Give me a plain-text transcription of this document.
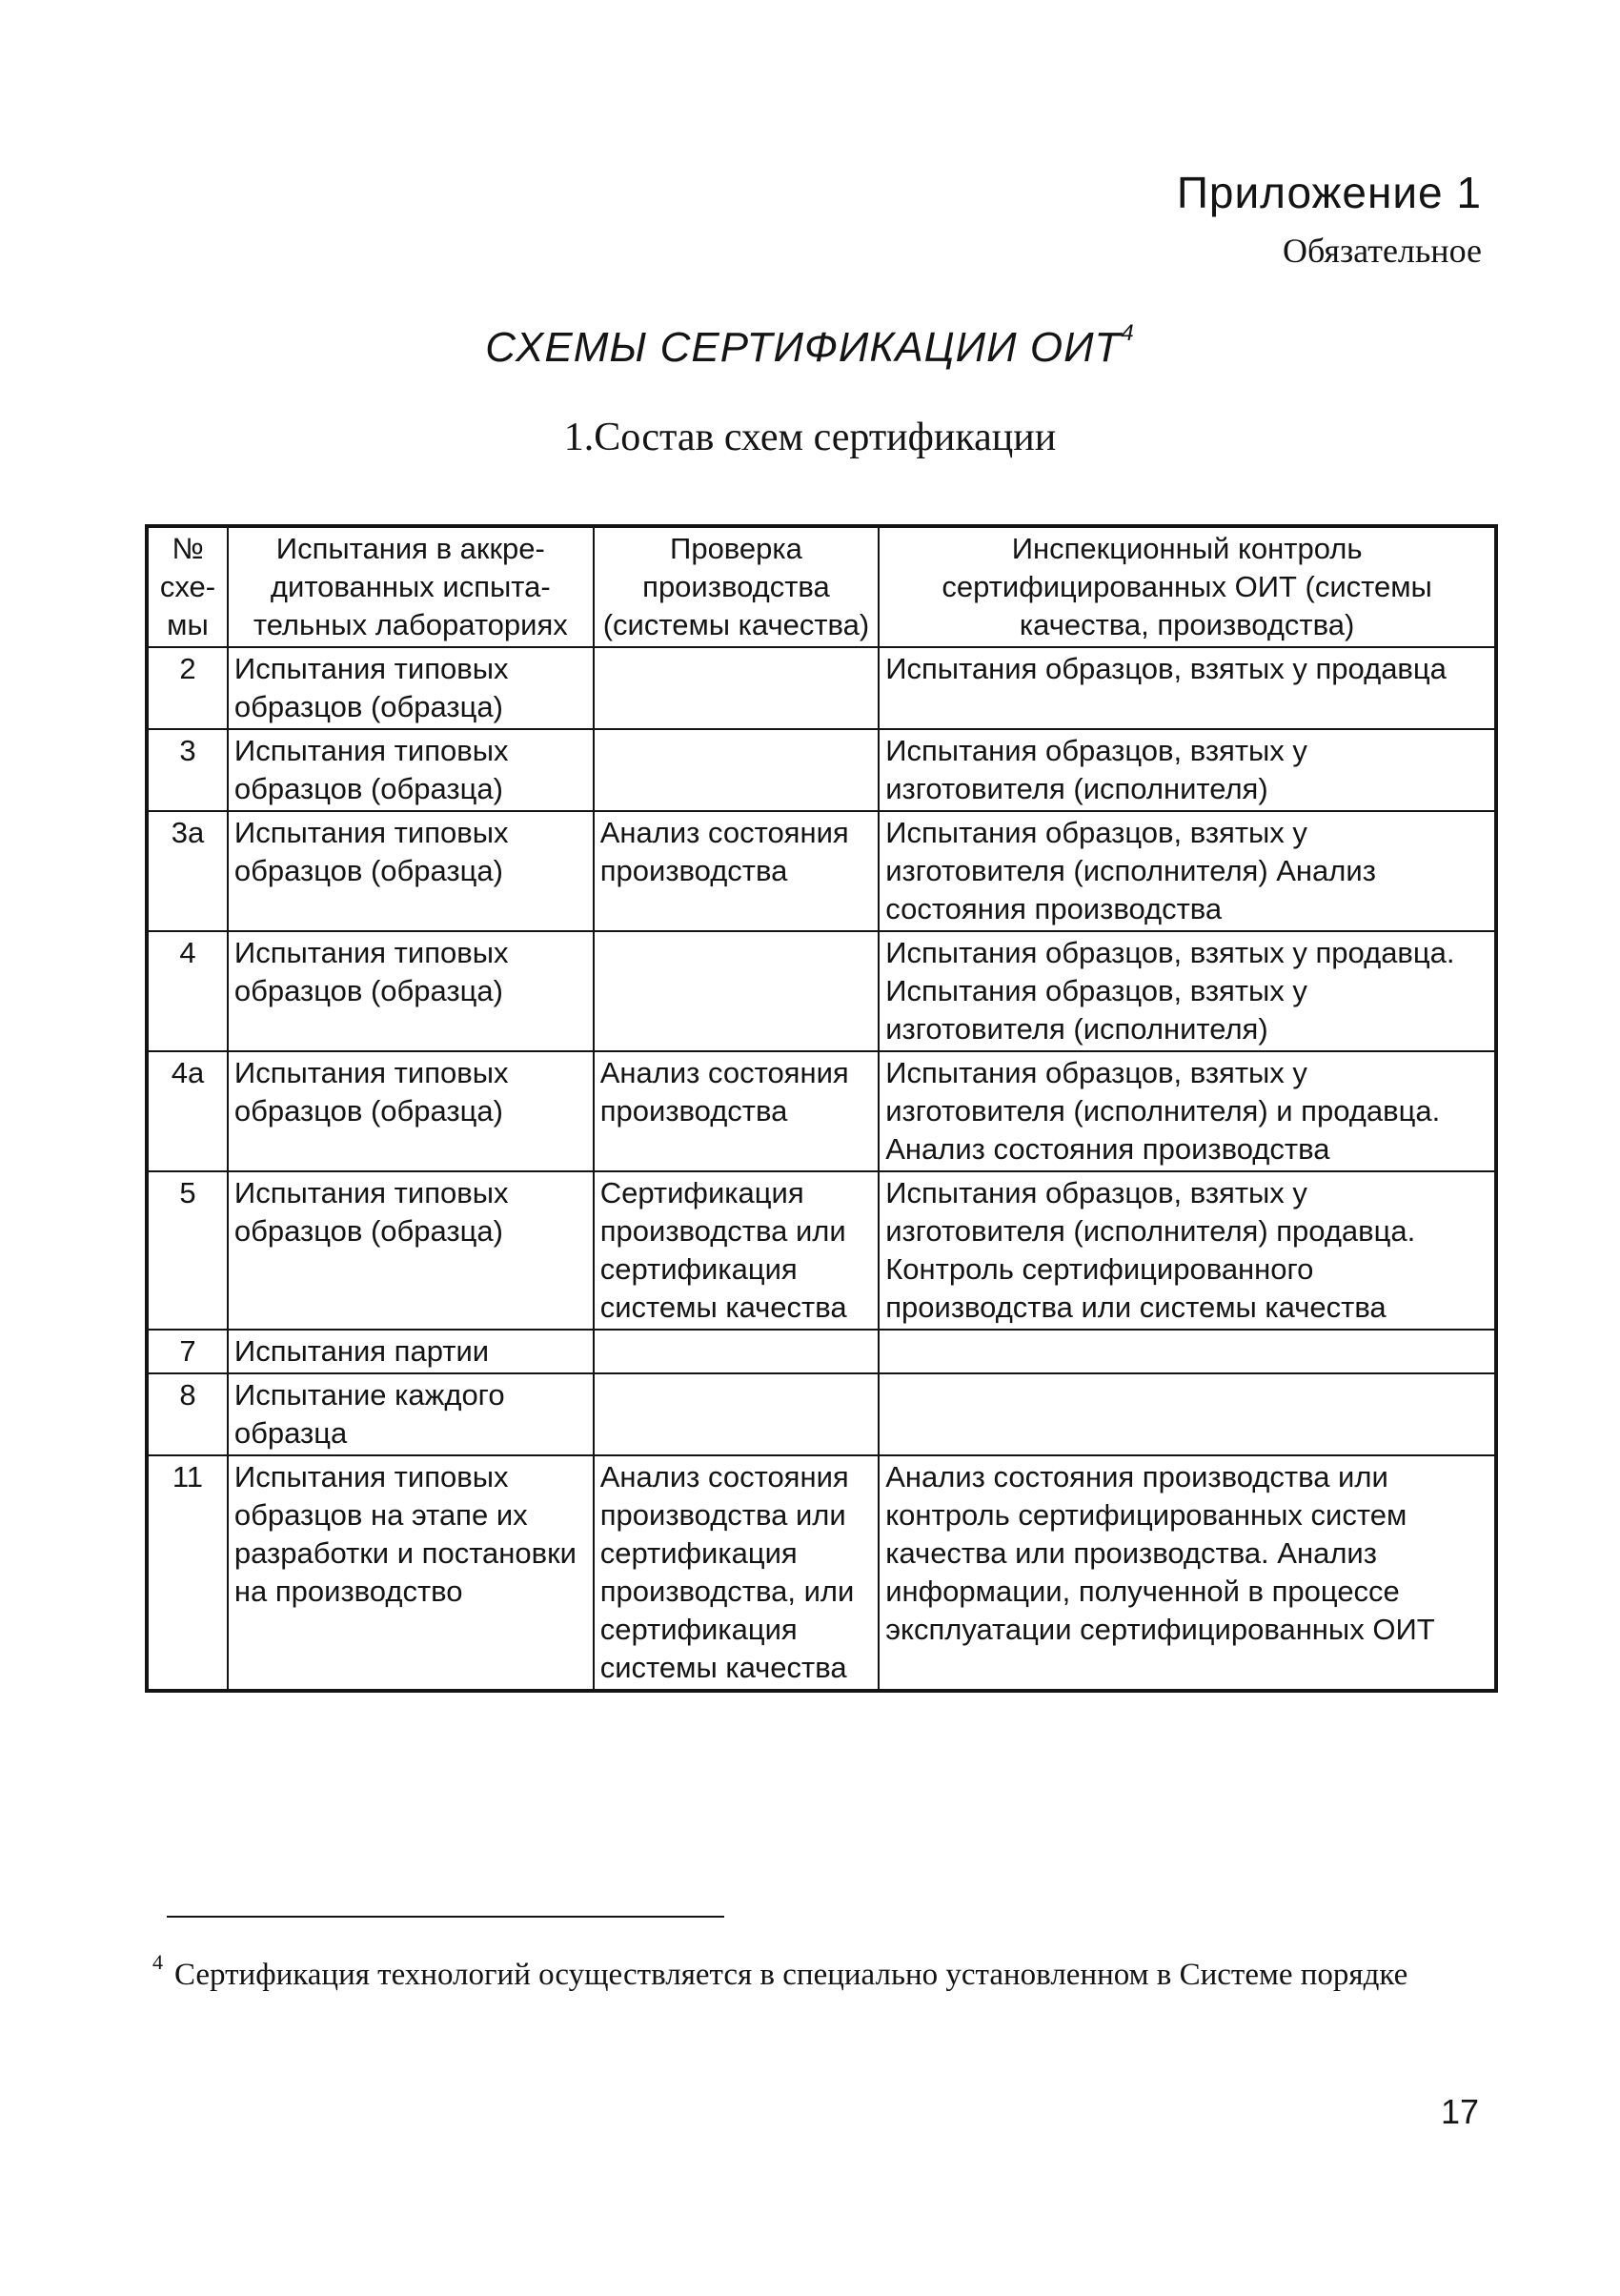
Приложение 1

Обязательное

СХЕМЫ СЕРТИФИКАЦИИ ОИТ$^4$
1.Состав схем сертификации
№ схе-мы	Испытания в аккре-дитованных испыта-тельных лабораториях	Проверка производства (системы качества)	Инспекционный контроль сертифицированных ОИТ (системы качества, производства)
2	Испытания типовых образцов (образца)		Испытания образцов, взятых у продавца
3	Испытания типовых образцов (образца)		Испытания образцов, взятых у изготовителя (исполнителя)
3а	Испытания типовых образцов (образца)	Анализ состояния производства	Испытания образцов, взятых у изготовителя (исполнителя) Анализ состояния производства
4	Испытания типовых образцов (образца)		Испытания образцов, взятых у продавца. Испытания образцов, взятых у изготовителя (исполнителя)
4а	Испытания типовых образцов (образца)	Анализ состояния производства	Испытания образцов, взятых у изготовителя (исполнителя) и продавца. Анализ состояния производства
5	Испытания типовых образцов (образца)	Сертификация производства или сертификация системы качества	Испытания образцов, взятых у изготовителя (исполнителя) продавца. Контроль сертифицированного производства или системы качества
7	Испытания партии		
8	Испытание каждого образца		
11	Испытания типовых образцов на этапе их разработки и постановки на производство	Анализ состояния производства или сертификация производства, или сертификация системы качества	Анализ состояния производства или контроль сертифицированных систем качества или производства. Анализ информации, полученной в процессе эксплуатации сертифицированных ОИТ

$^4$ Сертификация технологий осуществляется в специально установленном в Системе порядке

17
